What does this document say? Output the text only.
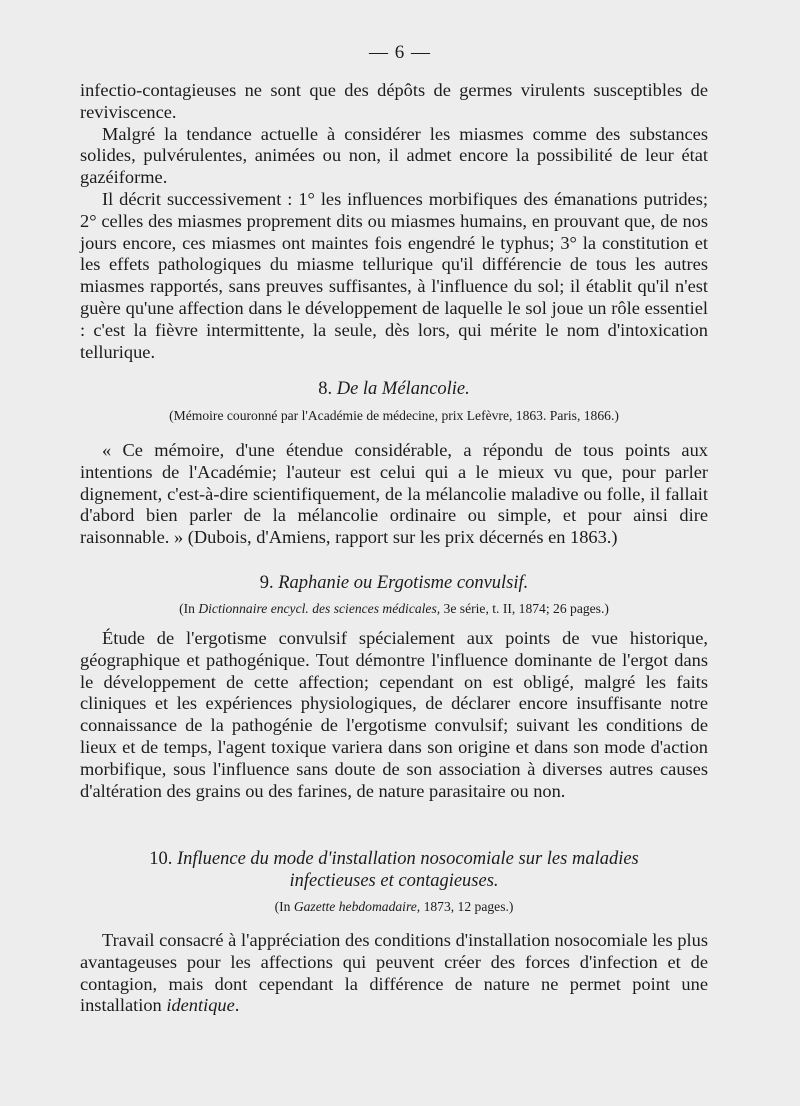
— 6 —

infectio-contagieuses ne sont que des dépôts de germes virulents susceptibles de reviviscence.

Malgré la tendance actuelle à considérer les miasmes comme des substances solides, pulvérulentes, animées ou non, il admet encore la possibilité de leur état gazéiforme.

Il décrit successivement : 1° les influences morbifiques des émanations putrides; 2° celles des miasmes proprement dits ou miasmes humains, en prouvant que, de nos jours encore, ces miasmes ont maintes fois engendré le typhus; 3° la constitution et les effets pathologiques du miasme tellurique qu'il différencie de tous les autres miasmes rapportés, sans preuves suffisantes, à l'influence du sol; il établit qu'il n'est guère qu'une affection dans le développement de laquelle le sol joue un rôle essentiel : c'est la fièvre intermittente, la seule, dès lors, qui mérite le nom d'intoxication tellurique.

8. De la Mélancolie.
(Mémoire couronné par l'Académie de médecine, prix Lefèvre, 1863. Paris, 1866.)

« Ce mémoire, d'une étendue considérable, a répondu de tous points aux intentions de l'Académie; l'auteur est celui qui a le mieux vu que, pour parler dignement, c'est-à-dire scientifiquement, de la mélancolie maladive ou folle, il fallait d'abord bien parler de la mélancolie ordinaire ou simple, et pour ainsi dire raisonnable. » (Dubois, d'Amiens, rapport sur les prix décernés en 1863.)

9. Raphanie ou Ergotisme convulsif.
(In Dictionnaire encycl. des sciences médicales, 3e série, t. II, 1874; 26 pages.)

Étude de l'ergotisme convulsif spécialement aux points de vue historique, géographique et pathogénique. Tout démontre l'influence dominante de l'ergot dans le développement de cette affection; cependant on est obligé, malgré les faits cliniques et les expériences physiologiques, de déclarer encore insuffisante notre connaissance de la pathogénie de l'ergotisme convulsif; suivant les conditions de lieux et de temps, l'agent toxique variera dans son origine et dans son mode d'action morbifique, sous l'influence sans doute de son association à diverses autres causes d'altération des grains ou des farines, de nature parasitaire ou non.

10. Influence du mode d'installation nosocomiale sur les maladies
infectieuses et contagieuses.
(In Gazette hebdomadaire, 1873, 12 pages.)

Travail consacré à l'appréciation des conditions d'installation nosocomiale les plus avantageuses pour les affections qui peuvent créer des forces d'infection et de contagion, mais dont cependant la différence de nature ne permet point une installation identique.
